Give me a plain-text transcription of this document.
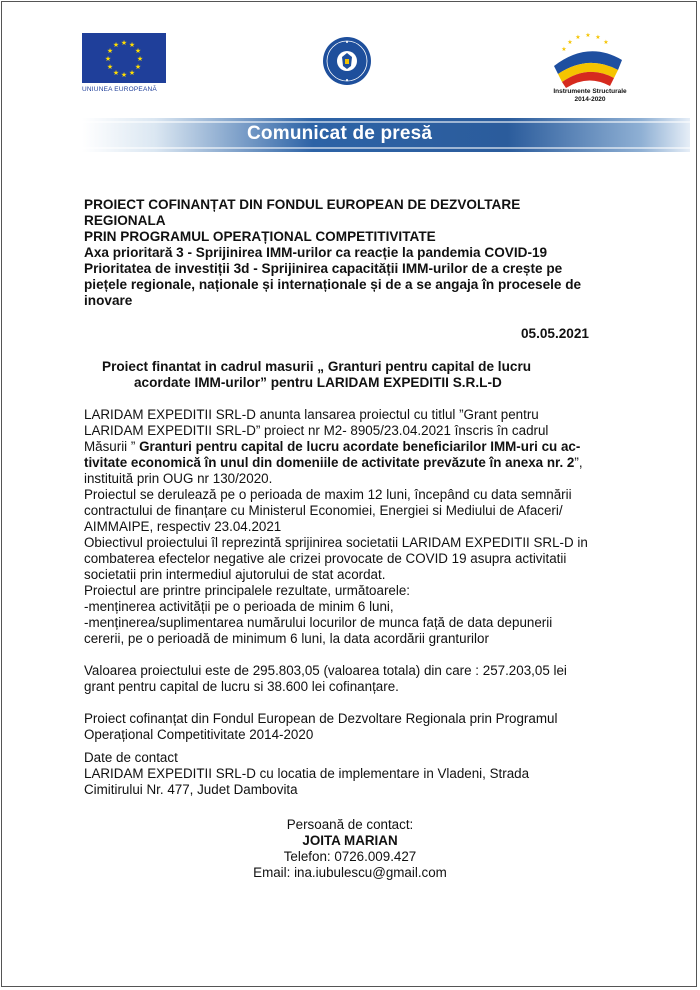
★ ★
★
★
★
★
★
★
★
★
★
★
UNIUNEA EUROPEANĂ
★
★ ★ ★
★
★
Instrumente Structurale
2014-2020
Comunicat de presă
PROIECT COFINANȚAT DIN FONDUL EUROPEAN DE DEZVOLTARE
REGIONALA
PRIN PROGRAMUL OPERAȚIONAL COMPETITIVITATE
Axa prioritară 3 - Sprijinirea IMM-urilor ca reacție la pandemia COVID-19
Prioritatea de investiții 3d - Sprijinirea capacității IMM-urilor de a crește pe
piețele regionale, naționale și internaționale și de a se angaja în procesele de
inovare
05.05.2021
Proiect finantat in cadrul masurii „ Granturi pentru capital de lucru
acordate IMM-urilor” pentru LARIDAM EXPEDITII S.R.L-D
LARIDAM EXPEDITII SRL-D anunta lansarea proiectul cu titlul ”Grant pentru
LARIDAM EXPEDITII SRL-D” proiect nr M2- 8905/23.04.2021 înscris în cadrul
Măsurii ” Granturi pentru capital de lucru acordate beneficiarilor IMM-uri cu ac-
tivitate economică în unul din domeniile de activitate prevăzute în anexa nr. 2”,
instituită prin OUG nr 130/2020.
Proiectul se derulează pe o perioada de maxim 12 luni, începând cu data semnării
contractului de finanțare cu Ministerul Economiei, Energiei si Mediului de Afaceri/
AIMMAIPE, respectiv 23.04.2021
Obiectivul proiectului îl reprezintă sprijinirea societatii LARIDAM EXPEDITII SRL-D in
combaterea efectelor negative ale crizei provocate de COVID 19 asupra activitatii
societatii prin intermediul ajutorului de stat acordat.
Proiectul are printre principalele rezultate, următoarele:
-menținerea activității pe o perioada de minim 6 luni,
-menținerea/suplimentarea numărului locurilor de munca față de data depunerii
cererii, pe o perioadă de minimum 6 luni, la data acordării granturilor
Valoarea proiectului este de 295.803,05 (valoarea totala) din care : 257.203,05 lei
grant pentru capital de lucru si 38.600 lei cofinanțare.
Proiect cofinanțat din Fondul European de Dezvoltare Regionala prin Programul
Operațional Competitivitate 2014-2020
Date de contact
LARIDAM EXPEDITII SRL-D cu locatia de implementare in Vladeni, Strada
Cimitirului Nr. 477, Judet Dambovita
Persoană de contact:
JOITA MARIAN
Telefon: 0726.009.427
Email: ina.iubulescu@gmail.com
